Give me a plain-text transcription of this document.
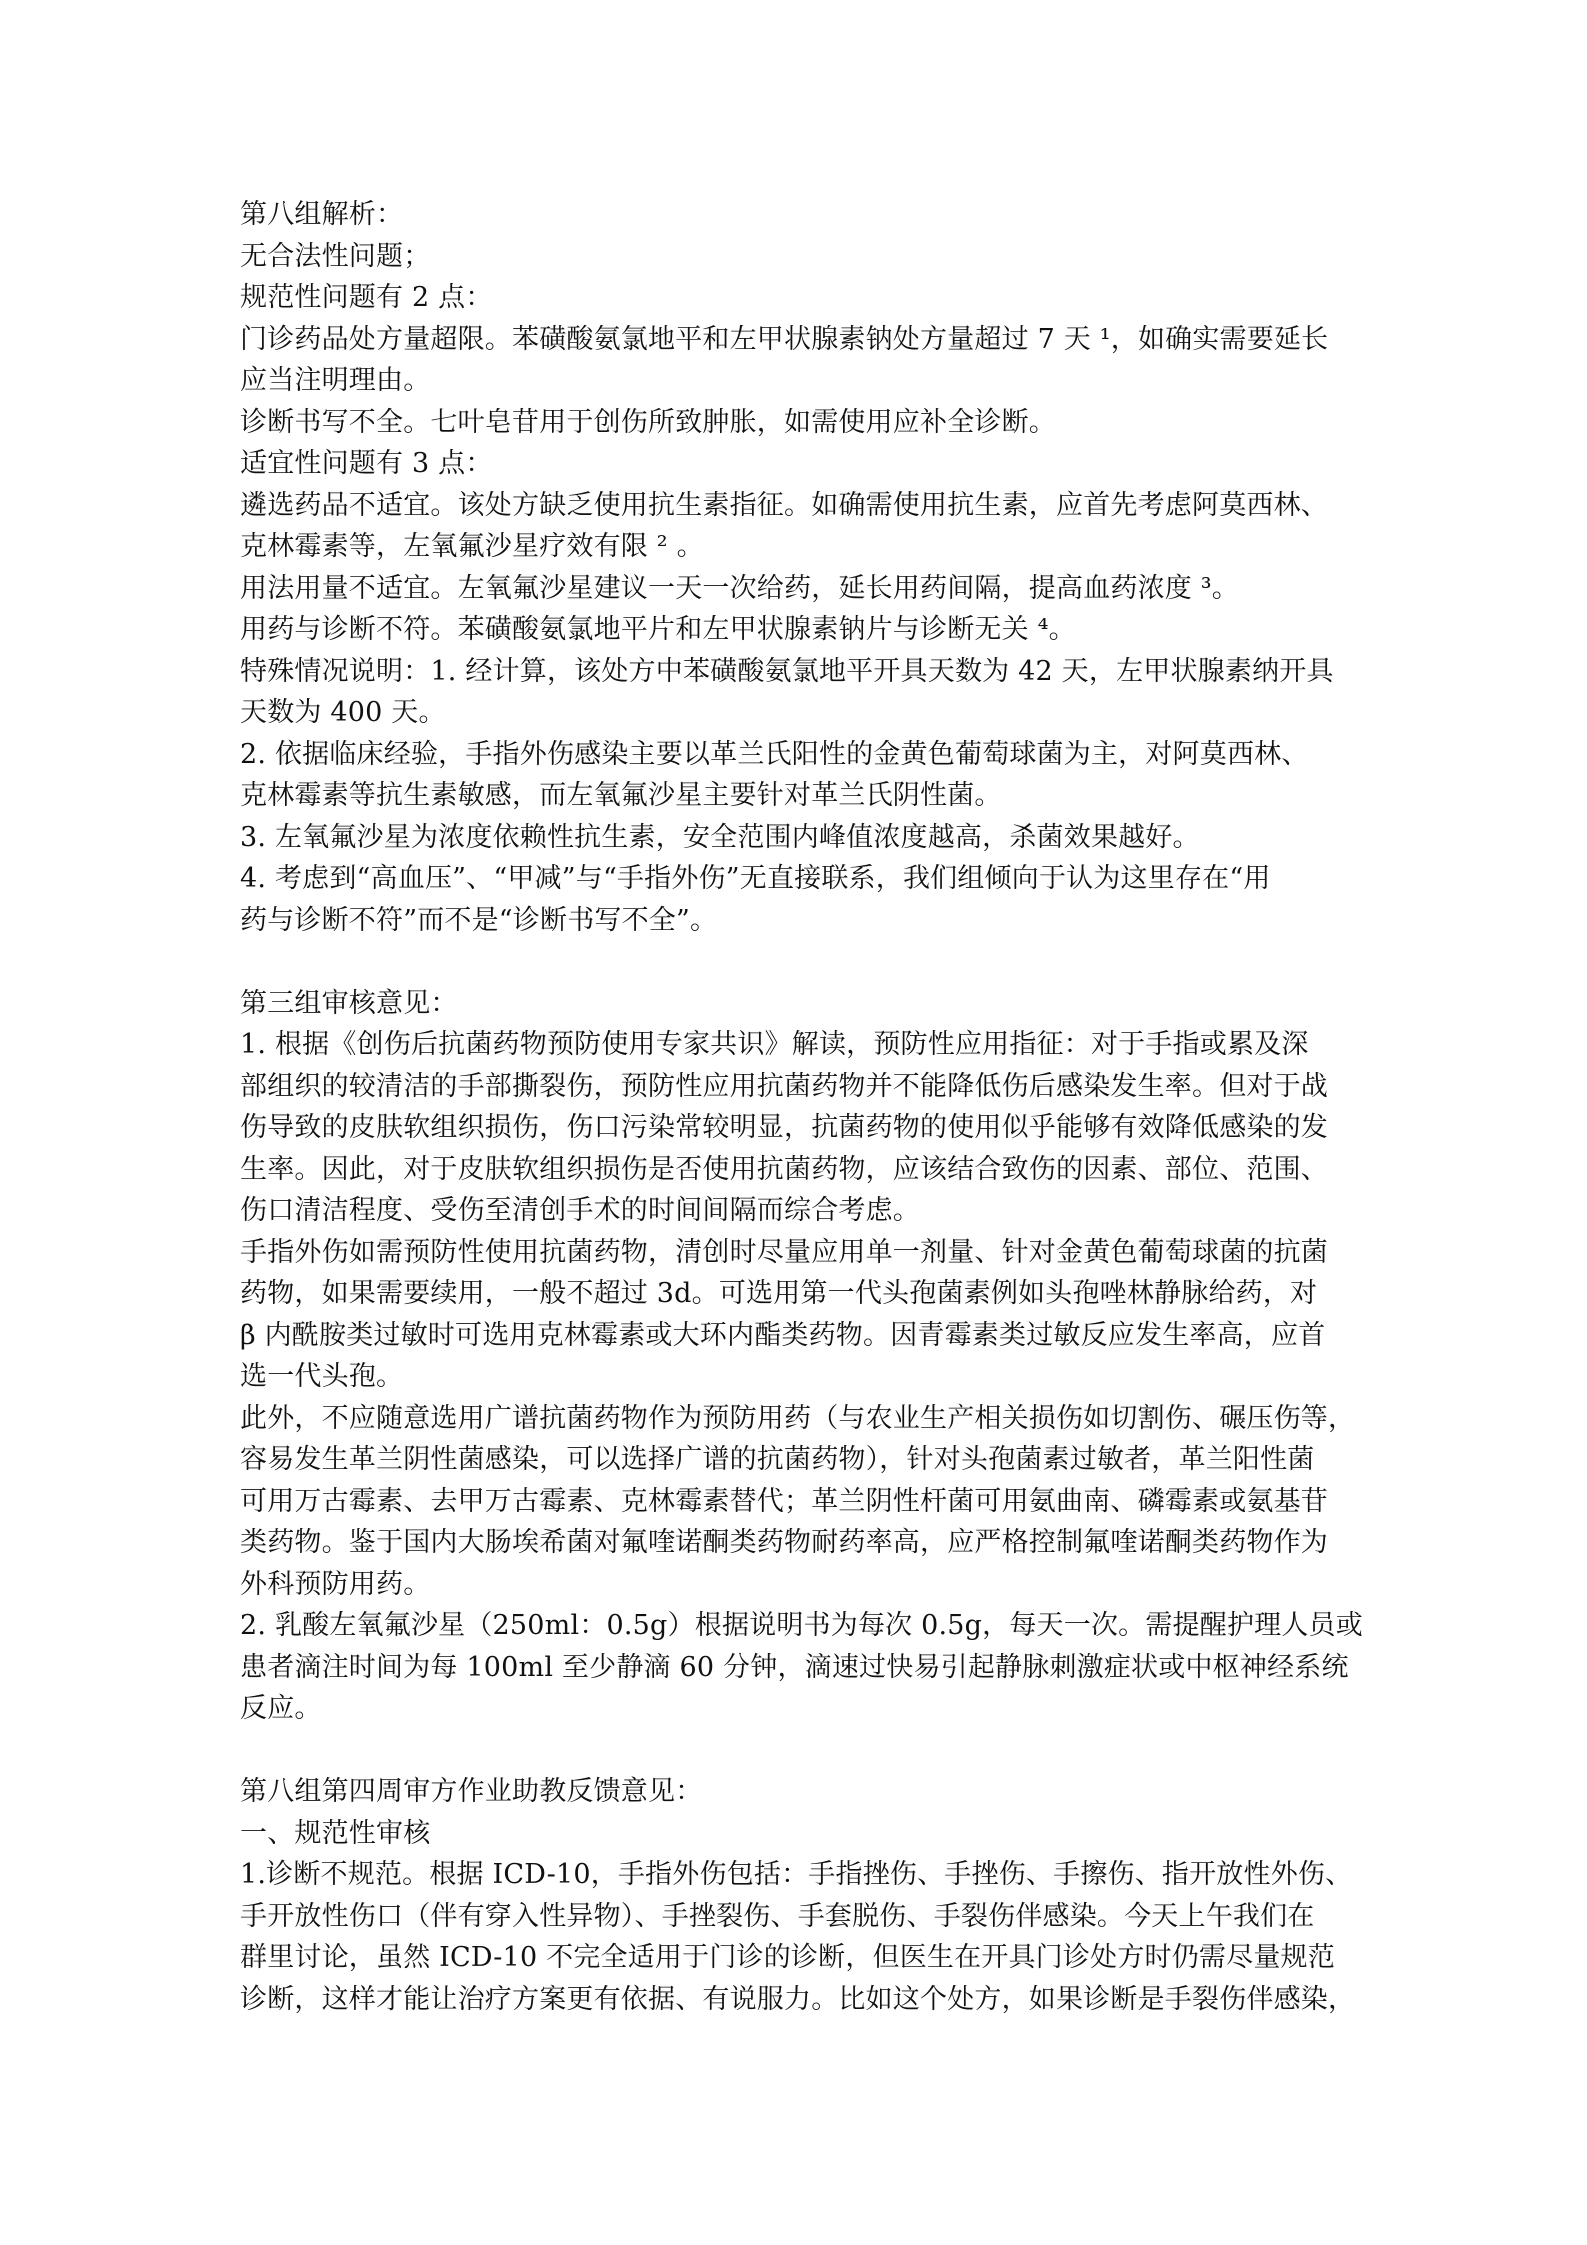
第八组解析：

无合法性问题；

规范性问题有 2 点：

门诊药品处方量超限。苯磺酸氨氯地平和左甲状腺素钠处方量超过 7 天 ¹，如确实需要延长

应当注明理由。

诊断书写不全。七叶皂苷用于创伤所致肿胀，如需使用应补全诊断。

适宜性问题有 3 点：

遴选药品不适宜。该处方缺乏使用抗生素指征。如确需使用抗生素，应首先考虑阿莫西林、

克林霉素等，左氧氟沙星疗效有限 ² 。

用法用量不适宜。左氧氟沙星建议一天一次给药，延长用药间隔，提高血药浓度 ³。

用药与诊断不符。苯磺酸氨氯地平片和左甲状腺素钠片与诊断无关 ⁴。

特殊情况说明：1. 经计算，该处方中苯磺酸氨氯地平开具天数为 42 天，左甲状腺素纳开具

天数为 400 天。

2. 依据临床经验，手指外伤感染主要以革兰氏阳性的金黄色葡萄球菌为主，对阿莫西林、

克林霉素等抗生素敏感，而左氧氟沙星主要针对革兰氏阴性菌。

3. 左氧氟沙星为浓度依赖性抗生素，安全范围内峰值浓度越高，杀菌效果越好。

4. 考虑到“高血压”、“甲减”与“手指外伤”无直接联系，我们组倾向于认为这里存在“用

药与诊断不符”而不是“诊断书写不全”。

第三组审核意见：

1. 根据《创伤后抗菌药物预防使用专家共识》解读，预防性应用指征：对于手指或累及深

部组织的较清洁的手部撕裂伤，预防性应用抗菌药物并不能降低伤后感染发生率。但对于战

伤导致的皮肤软组织损伤，伤口污染常较明显，抗菌药物的使用似乎能够有效降低感染的发

生率。因此，对于皮肤软组织损伤是否使用抗菌药物，应该结合致伤的因素、部位、范围、

伤口清洁程度、受伤至清创手术的时间间隔而综合考虑。

手指外伤如需预防性使用抗菌药物，清创时尽量应用单一剂量、针对金黄色葡萄球菌的抗菌

药物，如果需要续用，一般不超过 3d。可选用第一代头孢菌素例如头孢唑林静脉给药，对

β 内酰胺类过敏时可选用克林霉素或大环内酯类药物。因青霉素类过敏反应发生率高，应首

选一代头孢。

此外，不应随意选用广谱抗菌药物作为预防用药（与农业生产相关损伤如切割伤、碾压伤等，

容易发生革兰阴性菌感染，可以选择广谱的抗菌药物），针对头孢菌素过敏者，革兰阳性菌

可用万古霉素、去甲万古霉素、克林霉素替代；革兰阴性杆菌可用氨曲南、磷霉素或氨基苷

类药物。鉴于国内大肠埃希菌对氟喹诺酮类药物耐药率高，应严格控制氟喹诺酮类药物作为

外科预防用药。

2. 乳酸左氧氟沙星（250ml：0.5g）根据说明书为每次 0.5g，每天一次。需提醒护理人员或

患者滴注时间为每 100ml 至少静滴 60 分钟，滴速过快易引起静脉刺激症状或中枢神经系统

反应。

第八组第四周审方作业助教反馈意见：

一、规范性审核

1.诊断不规范。根据 ICD-10，手指外伤包括：手指挫伤、手挫伤、手擦伤、指开放性外伤、

手开放性伤口（伴有穿入性异物）、手挫裂伤、手套脱伤、手裂伤伴感染。今天上午我们在

群里讨论，虽然 ICD-10 不完全适用于门诊的诊断，但医生在开具门诊处方时仍需尽量规范

诊断，这样才能让治疗方案更有依据、有说服力。比如这个处方，如果诊断是手裂伤伴感染，
